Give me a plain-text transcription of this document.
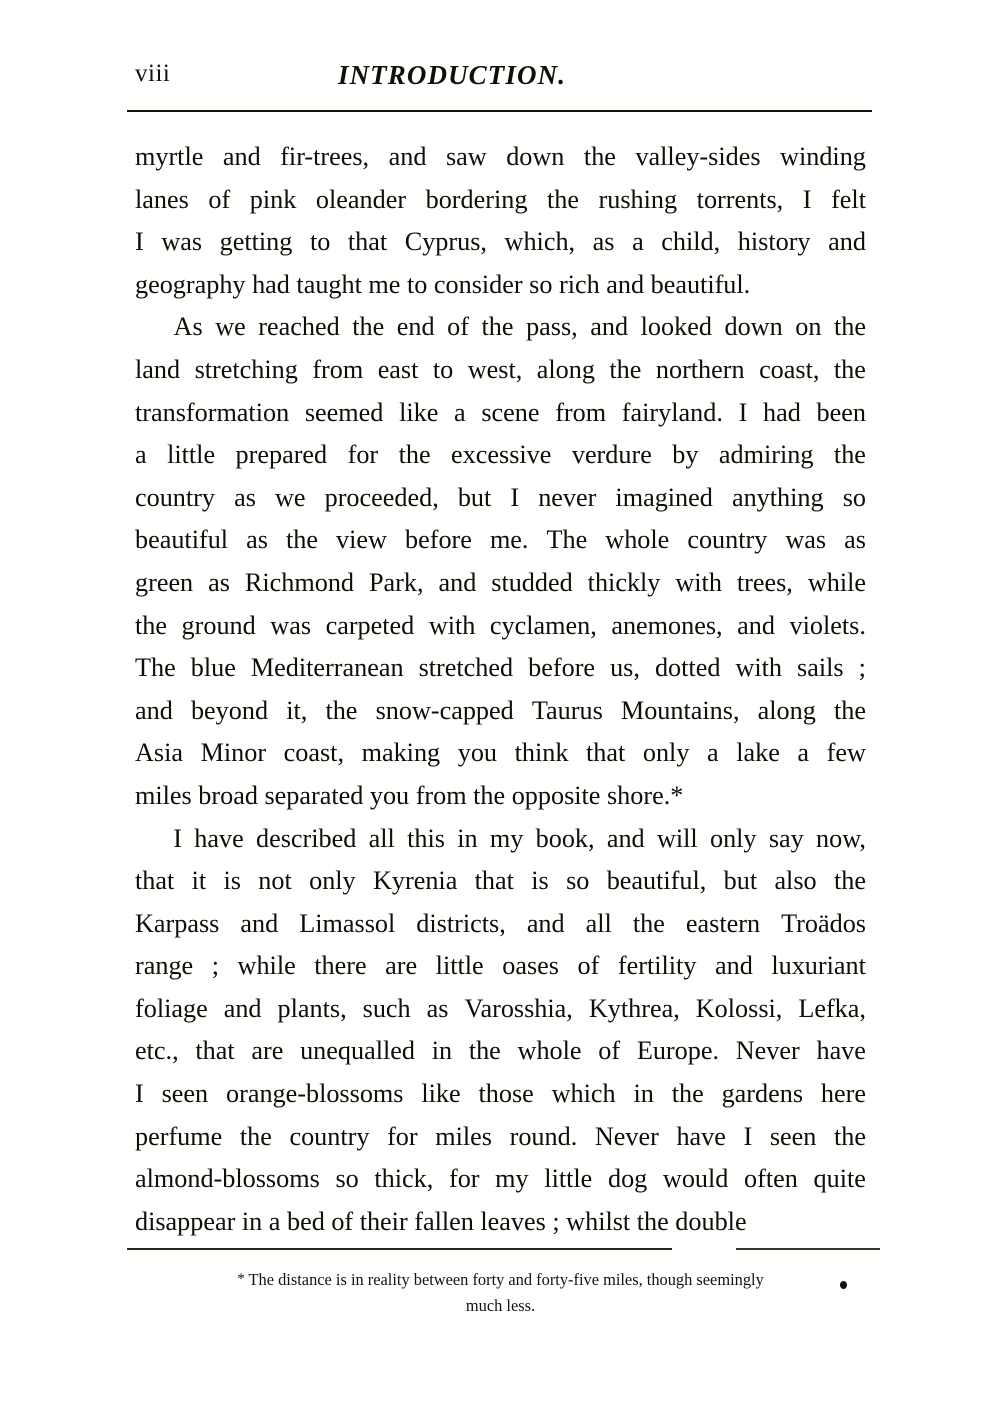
viii	INTRODUCTION.

myrtle and fir-trees, and saw down the valley-sides winding
lanes of pink oleander bordering the rushing torrents, I felt
I was getting to that Cyprus, which, as a child, history and
geography had taught me to consider so rich and beautiful.

As we reached the end of the pass, and looked down on the
land stretching from east to west, along the northern coast, the
transformation seemed like a scene from fairyland. I had been
a little prepared for the excessive verdure by admiring the
country as we proceeded, but I never imagined anything so
beautiful as the view before me. The whole country was as
green as Richmond Park, and studded thickly with trees, while
the ground was carpeted with cyclamen, anemones, and violets.
The blue Mediterranean stretched before us, dotted with sails ;
and beyond it, the snow-capped Taurus Mountains, along the
Asia Minor coast, making you think that only a lake a few
miles broad separated you from the opposite shore.*

I have described all this in my book, and will only say now,
that it is not only Kyrenia that is so beautiful, but also the
Karpass and Limassol districts, and all the eastern Troädos
range ; while there are little oases of fertility and luxuriant
foliage and plants, such as Varosshia, Kythrea, Kolossi, Lefka,
etc., that are unequalled in the whole of Europe. Never have
I seen orange-blossoms like those which in the gardens here
perfume the country for miles round. Never have I seen the
almond-blossoms so thick, for my little dog would often quite
disappear in a bed of their fallen leaves ; whilst the double

* The distance is in reality between forty and forty-five miles, though seemingly
much less.
